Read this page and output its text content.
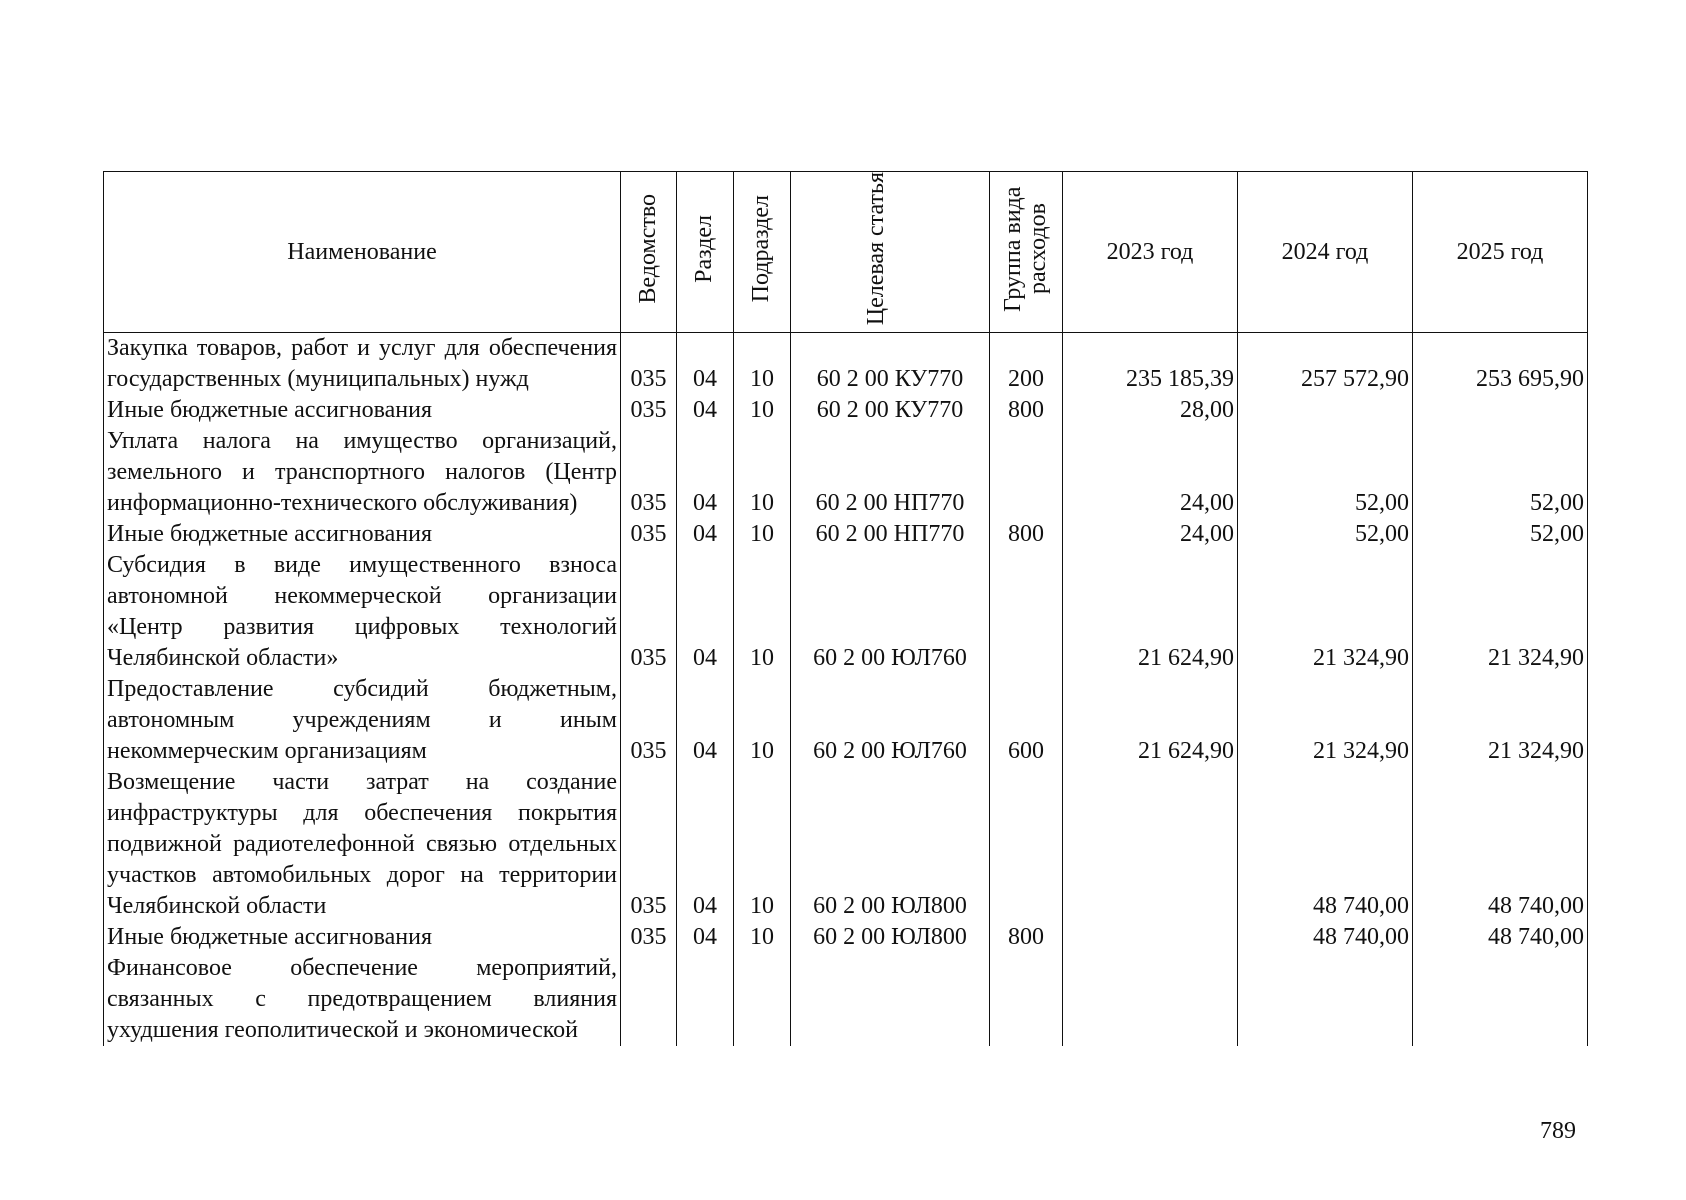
Наименование	Ведомство	Раздел	Подраздел	Целевая статья	Группа вида расходов	2023 год	2024 год	2025 год
Закупка товаров, работ и услуг для обеспечения государственных (муниципальных) нужд	035	04	10	60 2 00 КУ770	200	235 185,39	257 572,90	253 695,90
Иные бюджетные ассигнования	035	04	10	60 2 00 КУ770	800	28,00		
Уплата налога на имущество организаций, земельного и транспортного налогов (Центр информационно-технического обслуживания)	035	04	10	60 2 00 НП770		24,00	52,00	52,00
Иные бюджетные ассигнования	035	04	10	60 2 00 НП770	800	24,00	52,00	52,00
Субсидия в виде имущественного взноса автономной некоммерческой организации «Центр развития цифровых технологий Челябинской области»	035	04	10	60 2 00 ЮЛ760		21 624,90	21 324,90	21 324,90
Предоставление субсидий бюджетным, автономным учреждениям и иным некоммерческим организациям	035	04	10	60 2 00 ЮЛ760	600	21 624,90	21 324,90	21 324,90
Возмещение части затрат на создание инфраструктуры для обеспечения покрытия подвижной радиотелефонной связью отдельных участков автомобильных дорог на территории Челябинской области	035	04	10	60 2 00 ЮЛ800			48 740,00	48 740,00
Иные бюджетные ассигнования	035	04	10	60 2 00 ЮЛ800	800		48 740,00	48 740,00
Финансовое обеспечение мероприятий, связанных с предотвращением влияния ухудшения геополитической и экономической								
789
